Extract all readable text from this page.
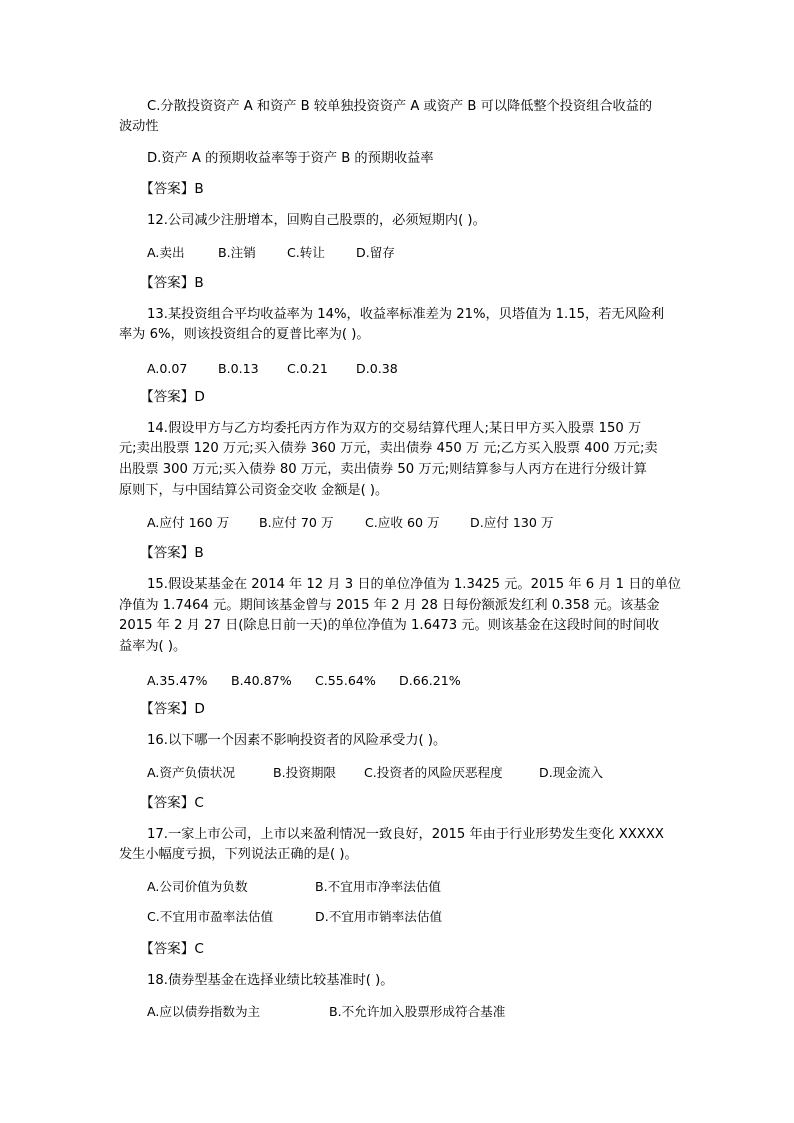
C.分散投资资产 A 和资产 B 较单独投资资产 A 或资产 B 可以降低整个投资组合收益的
波动性
D.资产 A 的预期收益率等于资产 B 的预期收益率
【答案】B
12.公司减少注册增本，回购自己股票的，必须短期内( )。
A.卖出	B.注销 C.转让 D.留存
【答案】B
13.某投资组合平均收益率为 14%，收益率标准差为 21%，贝塔值为 1.15，若无风险利
率为 6%，则该投资组合的夏普比率为( )。
A.0.07 B.0.13 C.0.21 D.0.38
【答案】D
14.假设甲方与乙方均委托丙方作为双方的交易结算代理人;某日甲方买入股票 150 万
元;卖出股票 120 万元;买入债券 360 万元，卖出债券 450 万 元;乙方买入股票 400 万元;卖
出股票 300 万元;买入债券 80 万元，卖出债券 50 万元;则结算参与人丙方在进行分级计算
原则下，与中国结算公司资金交收 金额是( )。
A.应付 160 万 B.应付 70 万	C.应收 60 万 D.应付 130 万
【答案】B
15.假设某基金在 2014 年 12 月 3 日的单位净值为 1.3425 元。2015 年 6 月 1 日的单位
净值为 1.7464 元。期间该基金曾与 2015 年 2 月 28 日每份额派发红利 0.358 元。该基金
2015 年 2 月 27 日(除息日前一天)的单位净值为 1.6473 元。则该基金在这段时间的时间收
益率为( )。
A.35.47% B.40.87% C.55.64% D.66.21%
【答案】D
16.以下哪一个因素不影响投资者的风险承受力( )。
A.资产负债状况	B.投资期限 C.投资者的风险厌恶程度	D.现金流入
【答案】C
17.一家上市公司，上市以来盈利情况一致良好，2015 年由于行业形势发生变化 XXXXX
发生小幅度亏损，下列说法正确的是( )。
A.公司价值为负数	B.不宜用市净率法估值
C.不宜用市盈率法估值	D.不宜用市销率法估值
【答案】C
18.债券型基金在选择业绩比较基准时( )。
A.应以债券指数为主	B.不允许加入股票形成符合基准
